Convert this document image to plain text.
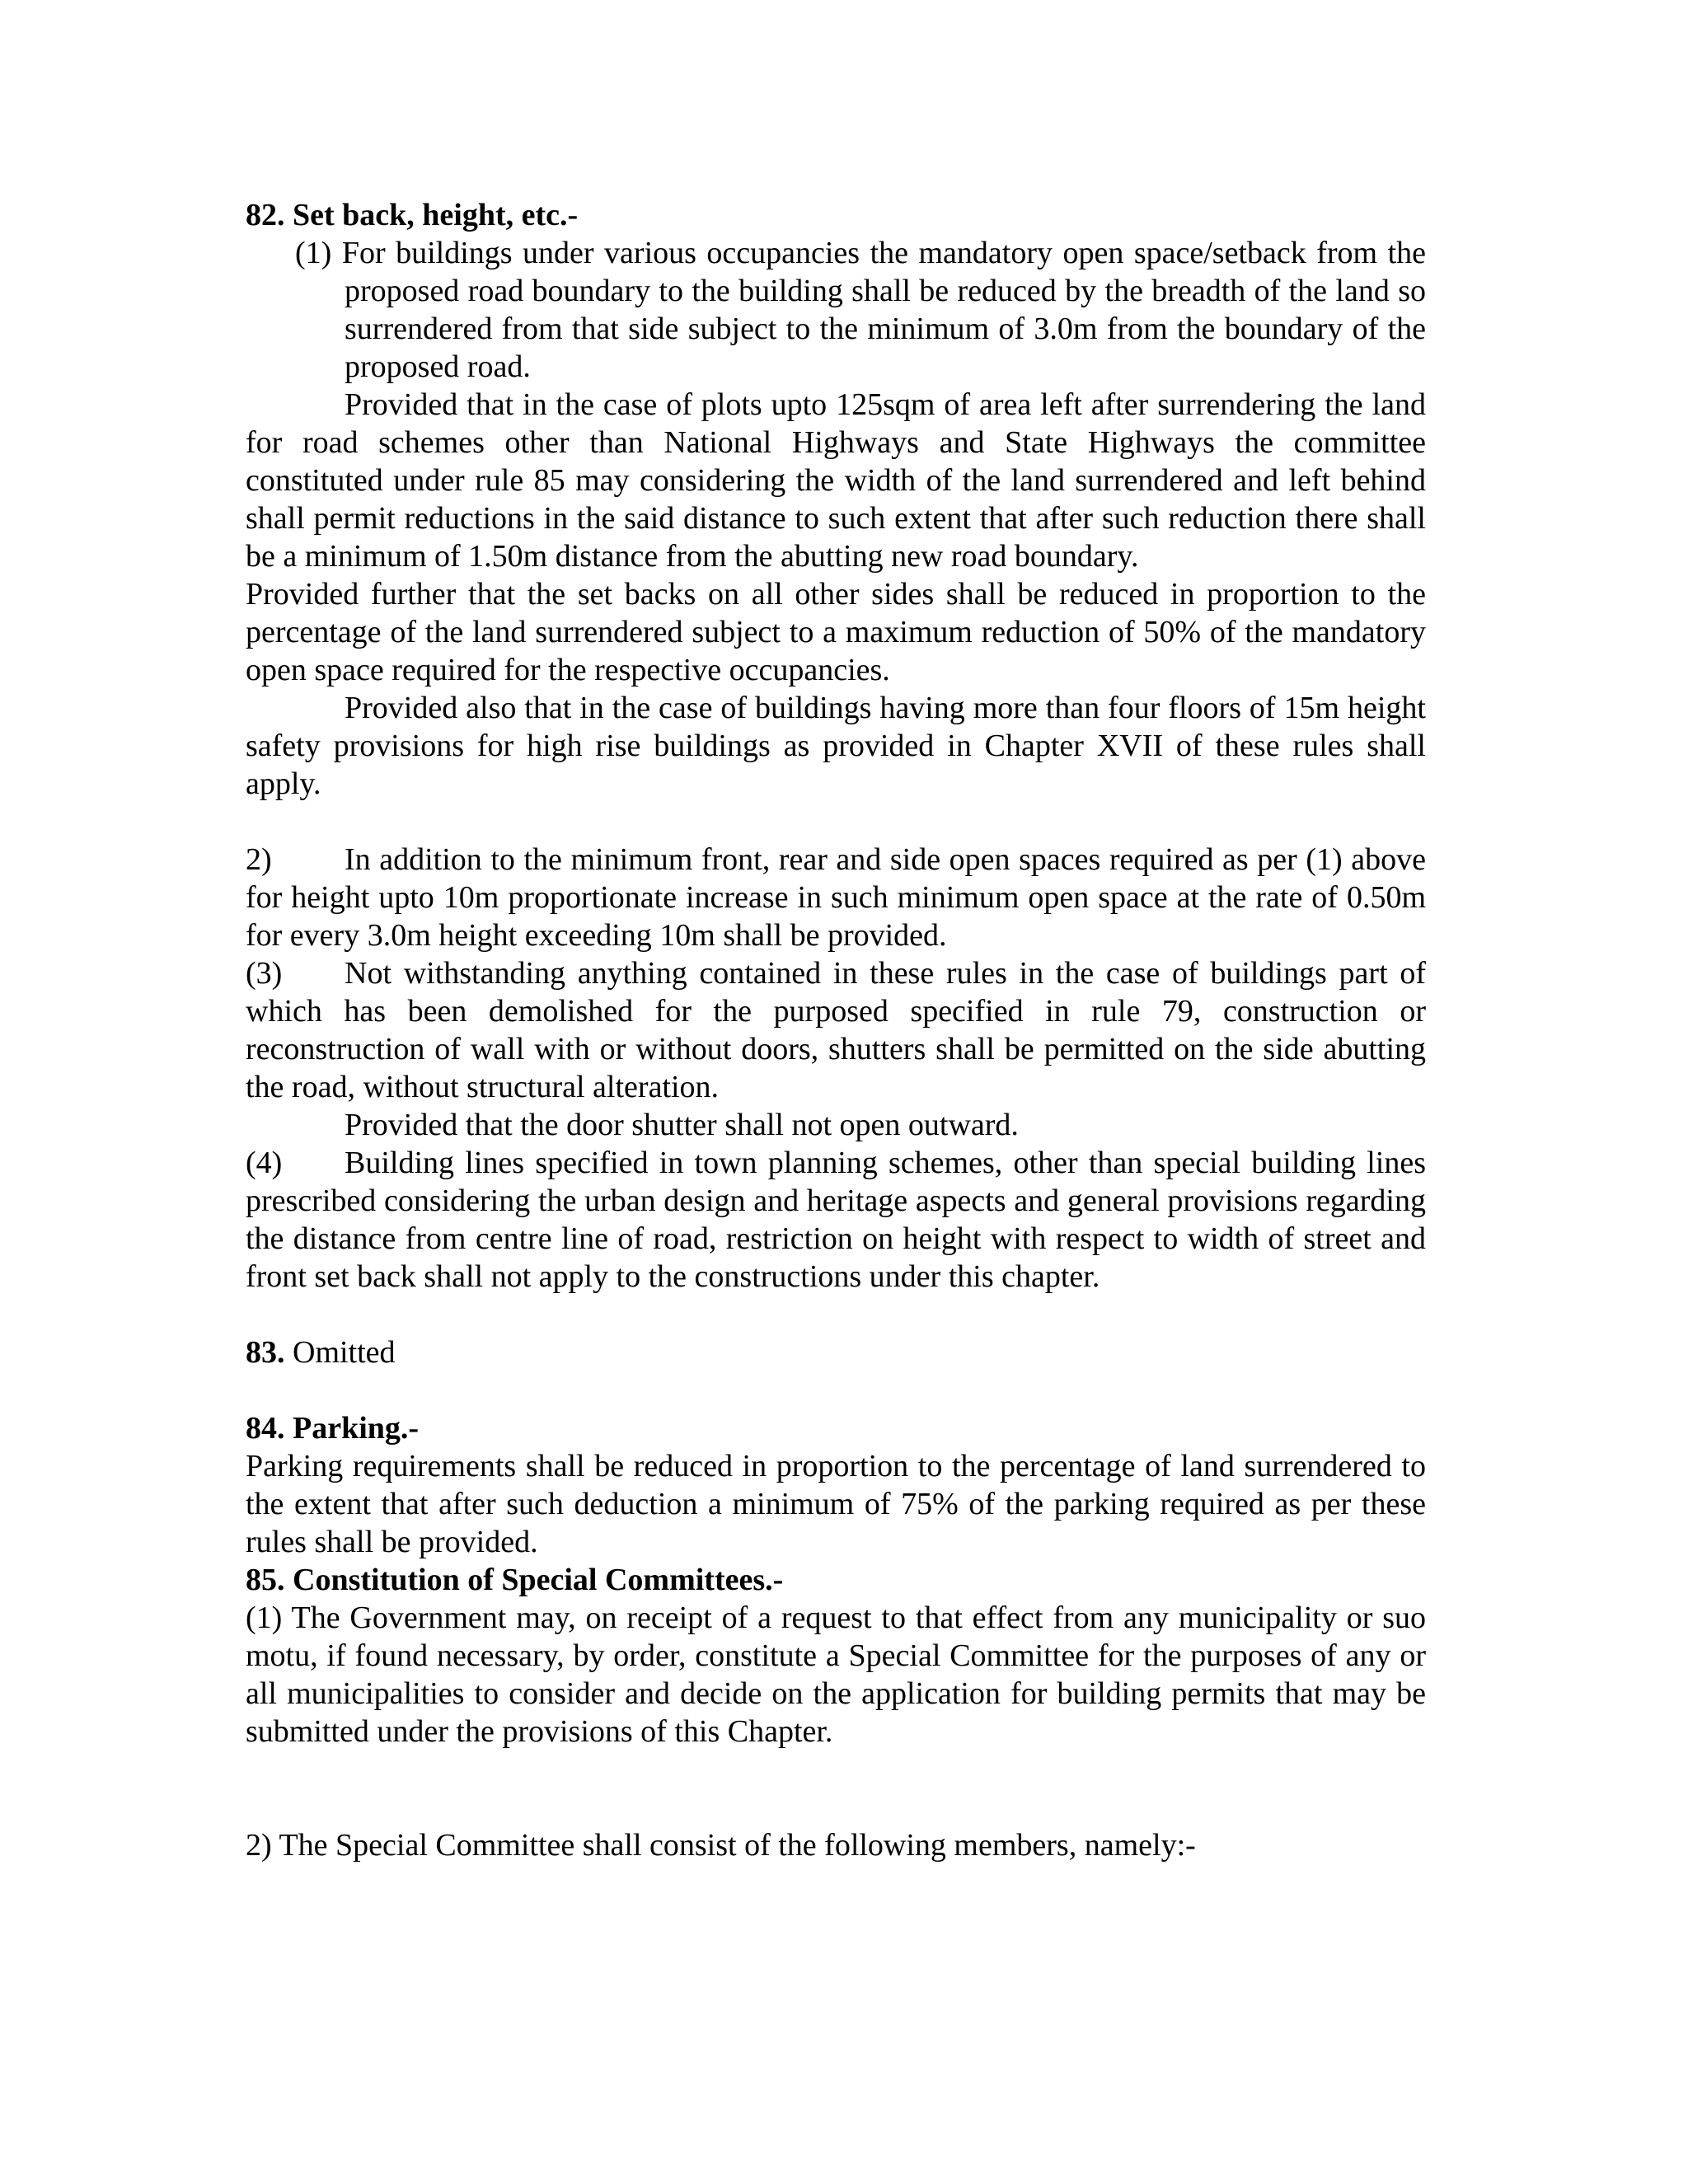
82. Set back, height, etc.-

(1) For buildings under various occupancies the mandatory open space/setback from the proposed road boundary to the building shall be reduced by the breadth of the land so surrendered from that side subject to the minimum of 3.0m from the boundary of the proposed road.

Provided that in the case of plots upto 125sqm of area left after surrendering the land for road schemes other than National Highways and State Highways the committee constituted under rule 85 may considering the width of the land surrendered and left behind shall permit reductions in the said distance to such extent that after such reduction there shall be a minimum of 1.50m distance from the abutting new road boundary.

Provided further that the set backs on all other sides shall be reduced in proportion to the percentage of the land surrendered subject to a maximum reduction of 50% of the mandatory open space required for the respective occupancies.

Provided also that in the case of buildings having more than four floors of 15m height safety provisions for high rise buildings as provided in Chapter XVII of these rules shall apply.

2) In addition to the minimum front, rear and side open spaces required as per (1) above for height upto 10m proportionate increase in such minimum open space at the rate of 0.50m for every 3.0m height exceeding 10m shall be provided.

(3) Not withstanding anything contained in these rules in the case of buildings part of which has been demolished for the purposed specified in rule 79, construction or reconstruction of wall with or without doors, shutters shall be permitted on the side abutting the road, without structural alteration.

Provided that the door shutter shall not open outward.

(4) Building lines specified in town planning schemes, other than special building lines prescribed considering the urban design and heritage aspects and general provisions regarding the distance from centre line of road, restriction on height with respect to width of street and front set back shall not apply to the constructions under this chapter.

83. Omitted

84. Parking.-

Parking requirements shall be reduced in proportion to the percentage of land surrendered to the extent that after such deduction a minimum of 75% of the parking required as per these rules shall be provided.

85. Constitution of Special Committees.-

(1) The Government may, on receipt of a request to that effect from any municipality or suo motu, if found necessary, by order, constitute a Special Committee for the purposes of any or all municipalities to consider and decide on the application for building permits that may be submitted under the provisions of this Chapter.

2) The Special Committee shall consist of the following members, namely:-
